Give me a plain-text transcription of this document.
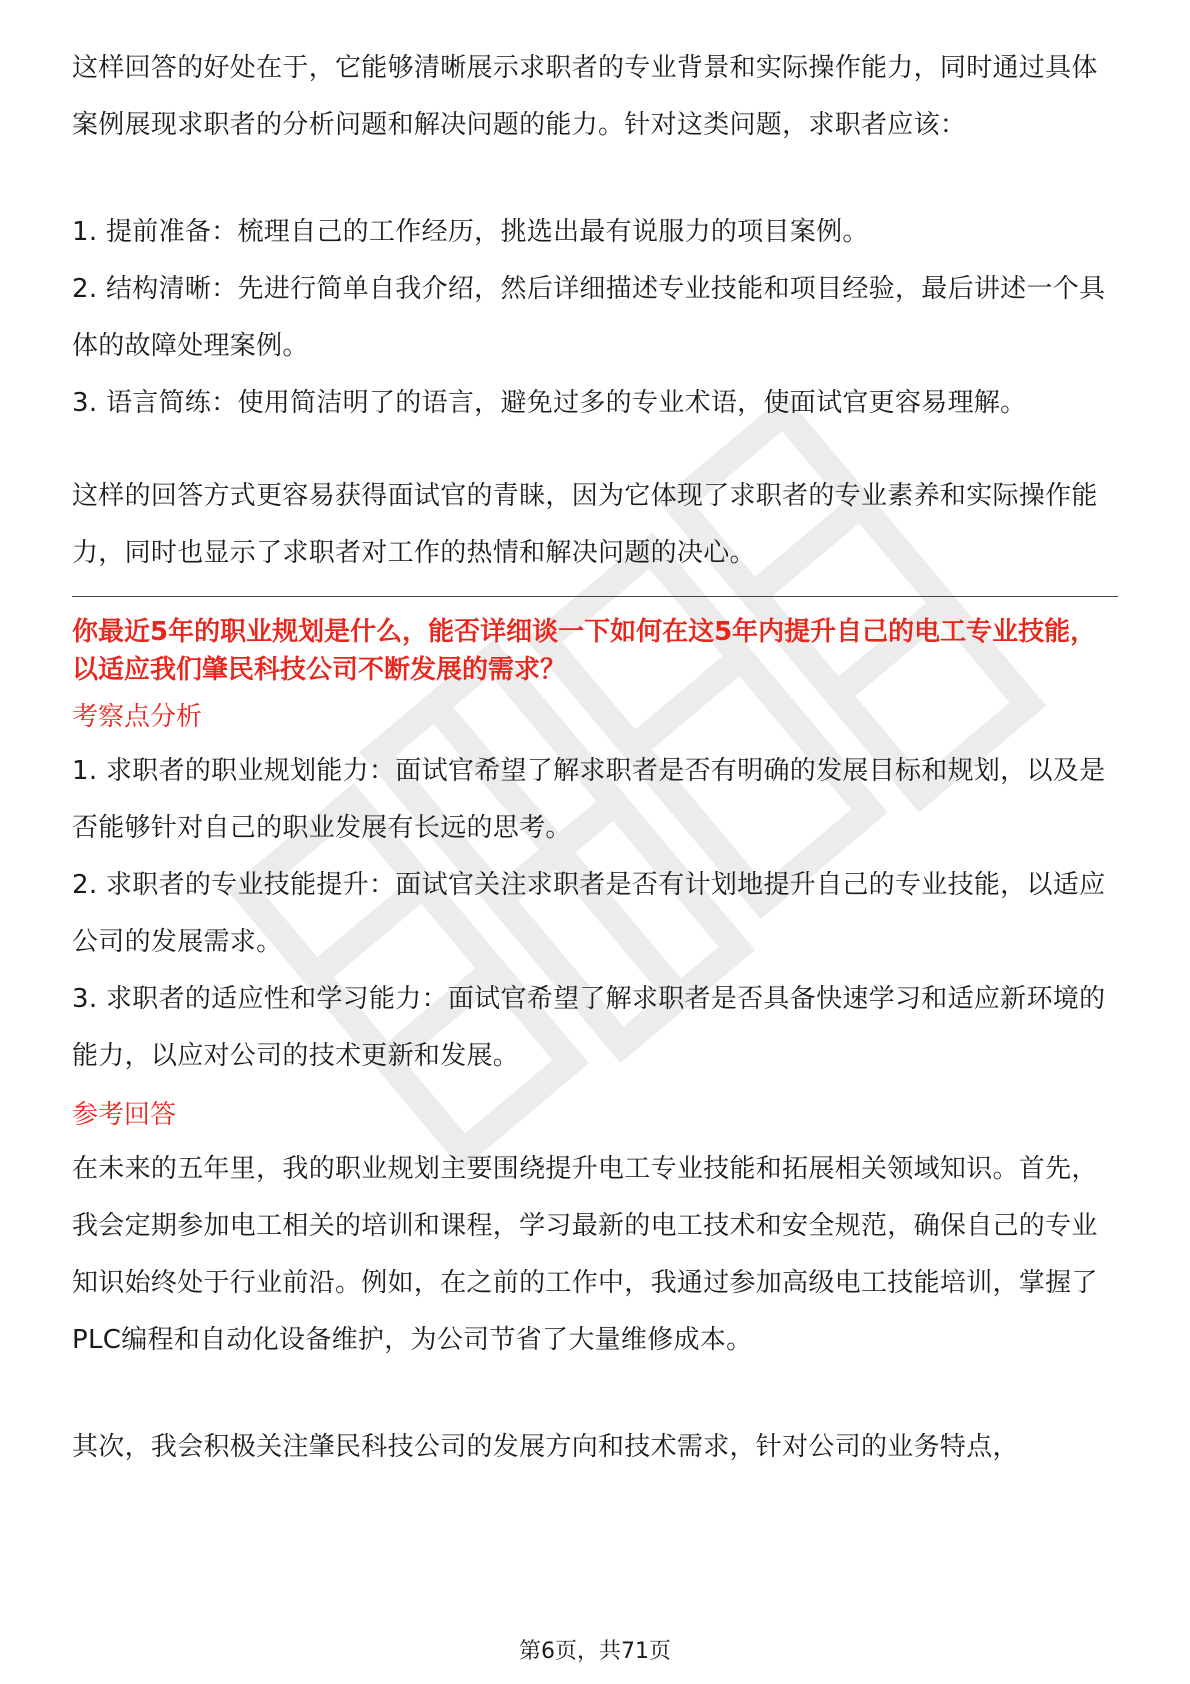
这样回答的好处在于，它能够清晰展示求职者的专业背景和实际操作能力，同时通过具体案例展现求职者的分析问题和解决问题的能力。针对这类问题，求职者应该：

1. 提前准备：梳理自己的工作经历，挑选出最有说服力的项目案例。

2. 结构清晰：先进行简单自我介绍，然后详细描述专业技能和项目经验，最后讲述一个具体的故障处理案例。

3. 语言简练：使用简洁明了的语言，避免过多的专业术语，使面试官更容易理解。

这样的回答方式更容易获得面试官的青睐，因为它体现了求职者的专业素养和实际操作能力，同时也显示了求职者对工作的热情和解决问题的决心。

你最近5年的职业规划是什么，能否详细谈一下如何在这5年内提升自己的电工专业技能，以适应我们肇民科技公司不断发展的需求？

考察点分析

1. 求职者的职业规划能力：面试官希望了解求职者是否有明确的发展目标和规划，以及是否能够针对自己的职业发展有长远的思考。

2. 求职者的专业技能提升：面试官关注求职者是否有计划地提升自己的专业技能，以适应公司的发展需求。

3. 求职者的适应性和学习能力：面试官希望了解求职者是否具备快速学习和适应新环境的能力，以应对公司的技术更新和发展。

参考回答

在未来的五年里，我的职业规划主要围绕提升电工专业技能和拓展相关领域知识。首先，我会定期参加电工相关的培训和课程，学习最新的电工技术和安全规范，确保自己的专业知识始终处于行业前沿。例如，在之前的工作中，我通过参加高级电工技能培训，掌握了PLC编程和自动化设备维护，为公司节省了大量维修成本。

其次，我会积极关注肇民科技公司的发展方向和技术需求，针对公司的业务特点，

第6页，共71页
